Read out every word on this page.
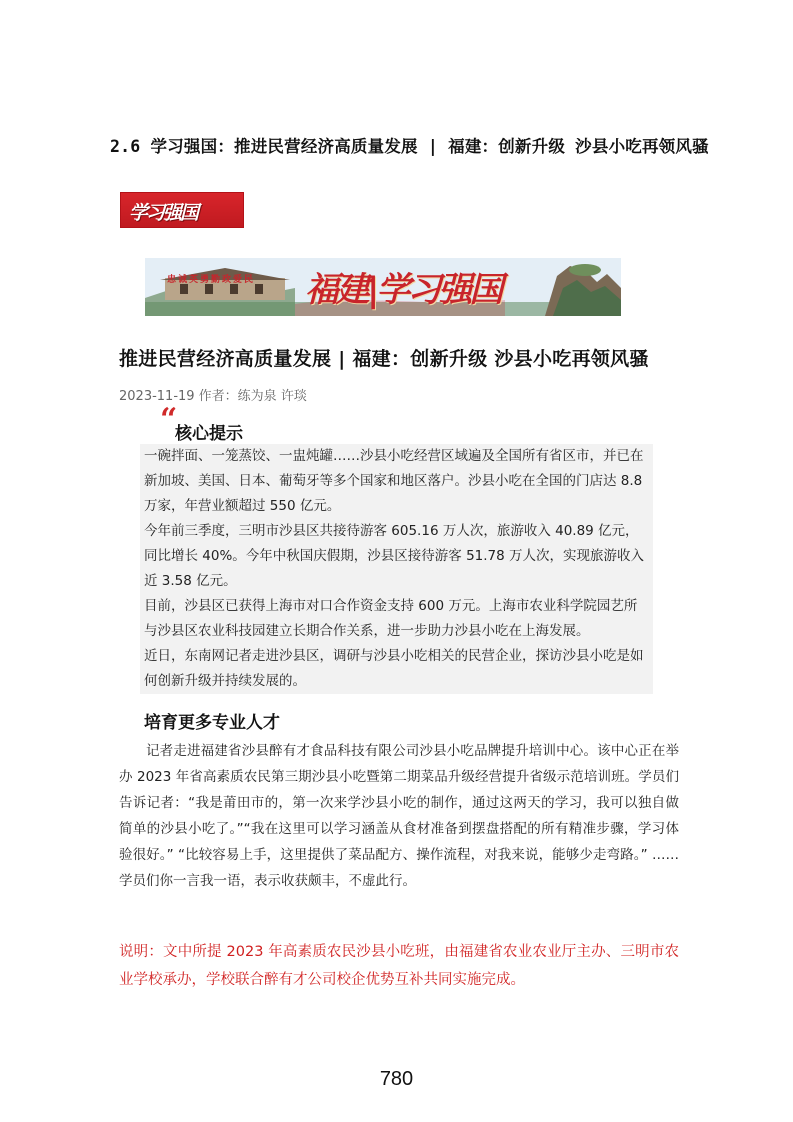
2.6 学习强国：推进民营经济高质量发展 | 福建：创新升级 沙县小吃再领风骚
学习强国
忠诚英勇勤政爱民 福建|学习强国
推进民营经济高质量发展 | 福建：创新升级 沙县小吃再领风骚
2023-11-19 作者：练为泉 许琰
“
核心提示

一碗拌面、一笼蒸饺、一盅炖罐……沙县小吃经营区域遍及全国所有省区市，并已在新加坡、美国、日本、葡萄牙等多个国家和地区落户。沙县小吃在全国的门店达 8.8 万家，年营业额超过 550 亿元。

今年前三季度，三明市沙县区共接待游客 605.16 万人次，旅游收入 40.89 亿元，同比增长 40%。今年中秋国庆假期，沙县区接待游客 51.78 万人次，实现旅游收入近 3.58 亿元。

目前，沙县区已获得上海市对口合作资金支持 600 万元。上海市农业科学院园艺所与沙县区农业科技园建立长期合作关系，进一步助力沙县小吃在上海发展。

近日，东南网记者走进沙县区，调研与沙县小吃相关的民营企业，探访沙县小吃是如何创新升级并持续发展的。

培育更多专业人才
记者走进福建省沙县醉有才食品科技有限公司沙县小吃品牌提升培训中心。该中心正在举办 2023 年省高素质农民第三期沙县小吃暨第二期菜品升级经营提升省级示范培训班。学员们告诉记者：“我是莆田市的，第一次来学沙县小吃的制作，通过这两天的学习，我可以独自做简单的沙县小吃了。”“我在这里可以学习涵盖从食材准备到摆盘搭配的所有精准步骤，学习体验很好。” “比较容易上手，这里提供了菜品配方、操作流程，对我来说，能够少走弯路。” ……学员们你一言我一语，表示收获颇丰，不虚此行。
说明：文中所提 2023 年高素质农民沙县小吃班，由福建省农业农业厅主办、三明市农业学校承办，学校联合醉有才公司校企优势互补共同实施完成。
780
